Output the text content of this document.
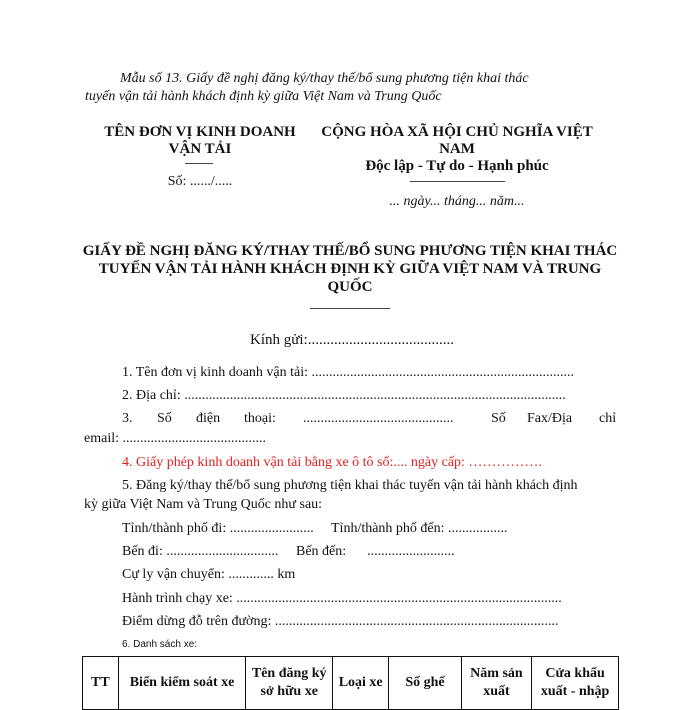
Mẫu số 13. Giấy đề nghị đăng ký/thay thế/bổ sung phương tiện khai thác
tuyến vận tải hành khách định kỳ giữa Việt Nam và Trung Quốc
TÊN ĐƠN VỊ KINH DOANH
VẬN TẢI
Số: ....../.....
CỘNG HÒA XÃ HỘI CHỦ NGHĨA VIỆT
NAM
Độc lập - Tự do - Hạnh phúc
... ngày... tháng... năm...
GIẤY ĐỀ NGHỊ ĐĂNG KÝ/THAY THẾ/BỔ SUNG PHƯƠNG TIỆN KHAI THÁC
TUYẾN VẬN TẢI HÀNH KHÁCH ĐỊNH KỲ GIỮA VIỆT NAM VÀ TRUNG
QUỐC
Kính gửi:.......................................
1. Tên đơn vị kinh doanh vận tải: ...........................................................................
2. Địa chỉ: .............................................................................................................
3. Số điện thoại: ...........................................	Số Fax/Địa chỉ
email: .........................................
4. Giấy phép kinh doanh vận tải bằng xe ô tô số:.... ngày cấp: …………….
5. Đăng ký/thay thế/bổ sung phương tiện khai thác tuyến vận tải hành khách định
kỳ giữa Việt Nam và Trung Quốc như sau:
Tỉnh/thành phố đi: ........................ Tỉnh/thành phố đến: .................
Bến đi: ................................ Bến đến:      .........................
Cự ly vận chuyển: ............. km
Hành trình chạy xe: .............................................................................................
Điểm dừng đỗ trên đường: .................................................................................
6. Danh sách xe:
TT	Biển kiểm soát xe	Tên đăng ký sở hữu xe	Loại xe	Số ghế	Năm sản xuất	Cửa khẩu xuất - nhập
